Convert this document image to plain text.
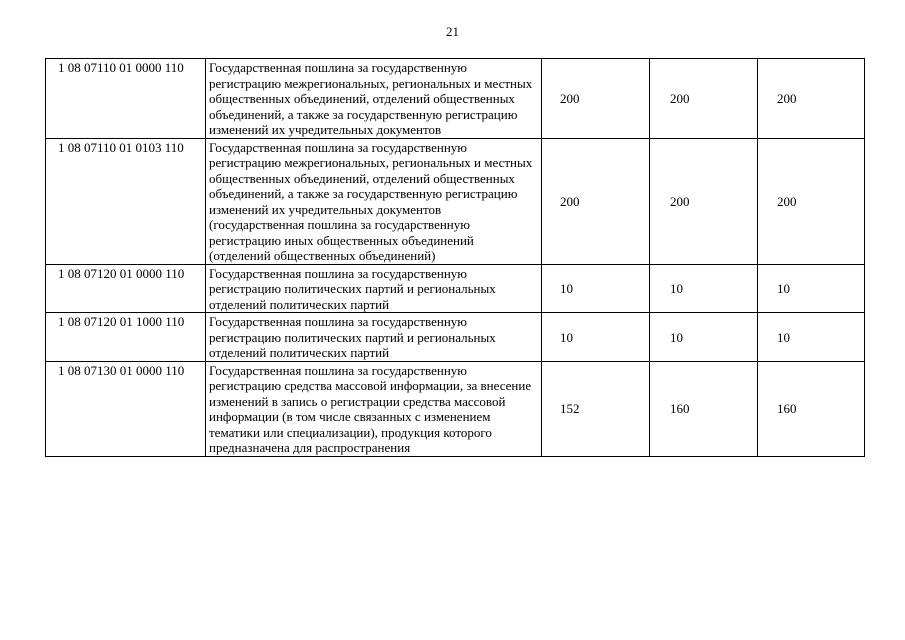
21
1 08 07110 01 0000 110	Государственная пошлина за государственную регистрацию межрегиональных, региональных и местных общественных объединений, отделений общественных объединений, а также за государственную регистрацию изменений их учредительных документов	200	200	200
1 08 07110 01 0103 110	Государственная пошлина за государственную регистрацию межрегиональных, региональных и местных общественных объединений, отделений общественных объединений, а также за государственную регистрацию изменений их учредительных документов (государственная пошлина за государственную регистрацию иных общественных объединений (отделений общественных объединений)	200	200	200
1 08 07120 01 0000 110	Государственная пошлина за государственную регистрацию политических партий и региональных отделений политических партий	10	10	10
1 08 07120 01 1000 110	Государственная пошлина за государственную регистрацию политических партий и региональных отделений политических партий	10	10	10
1 08 07130 01 0000 110	Государственная пошлина за государственную регистрацию средства массовой информации, за внесение изменений в запись о регистрации средства массовой информации (в том числе связанных с изменением тематики или специализации), продукция которого предназначена для распространения	152	160	160
